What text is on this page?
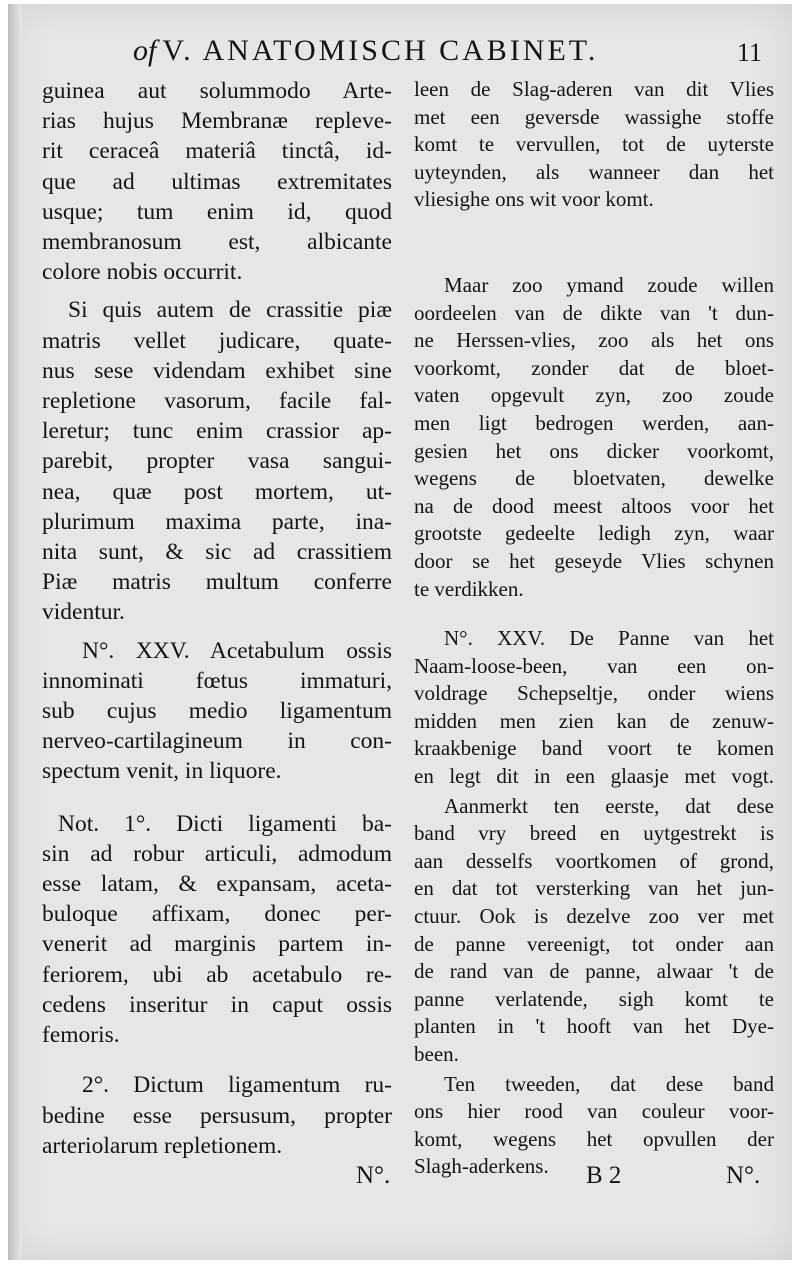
of V. ANATOMISCH CABINET.	11

guinea aut solummodo Arte-
rias hujus Membranæ repleve-
rit ceraceâ materiâ tinctâ, id-
que ad ultimas extremitates
usque; tum enim id, quod
membranosum est, albicante
colore nobis occurrit.

Si quis autem de crassitie piæ
matris vellet judicare, quate-
nus sese videndam exhibet sine
repletione vasorum, facile fal-
leretur; tunc enim crassior ap-
parebit, propter vasa sangui-
nea, quæ post mortem, ut-
plurimum maxima parte, ina-
nita sunt, & sic ad crassitiem
Piæ matris multum conferre
videntur.

N°. XXV. Acetabulum ossis
innominati fœtus immaturi,
sub cujus medio ligamentum
nerveo-cartilagineum in con-
spectum venit, in liquore.

Not. 1°. Dicti ligamenti ba-
sin ad robur articuli, admodum
esse latam, & expansam, aceta-
buloque affixam, donec per-
venerit ad marginis partem in-
feriorem, ubi ab acetabulo re-
cedens inseritur in caput ossis
femoris.

2°. Dictum ligamentum ru-
bedine esse persusum, propter
arteriolarum repletionem.

leen de Slag-aderen van dit Vlies
met een geversde wassighe stoffe
komt te vervullen, tot de uyterste
uyteynden, als wanneer dan het
vliesighe ons wit voor komt.

Maar zoo ymand zoude willen
oordeelen van de dikte van 't dun-
ne Herssen-vlies, zoo als het ons
voorkomt, zonder dat de bloet-
vaten opgevult zyn, zoo zoude
men ligt bedrogen werden, aan-
gesien het ons dicker voorkomt,
wegens de bloetvaten, dewelke
na de dood meest altoos voor het
grootste gedeelte ledigh zyn, waar
door se het geseyde Vlies schynen
te verdikken.

N°. XXV. De Panne van het
Naam-loose-been, van een on-
voldrage Schepseltje, onder wiens
midden men zien kan de zenuw-
kraakbenige band voort te komen
en legt dit in een glaasje met vogt.

Aanmerkt ten eerste, dat dese
band vry breed en uytgestrekt is
aan desselfs voortkomen of grond,
en dat tot versterking van het jun-
ctuur. Ook is dezelve zoo ver met
de panne vereenigt, tot onder aan
de rand van de panne, alwaar 't de
panne verlatende, sigh komt te
planten in 't hooft van het Dye-
been.

Ten tweeden, dat dese band
ons hier rood van couleur voor-
komt, wegens het opvullen der
Slagh-aderkens.

N°.	B 2	N°.
